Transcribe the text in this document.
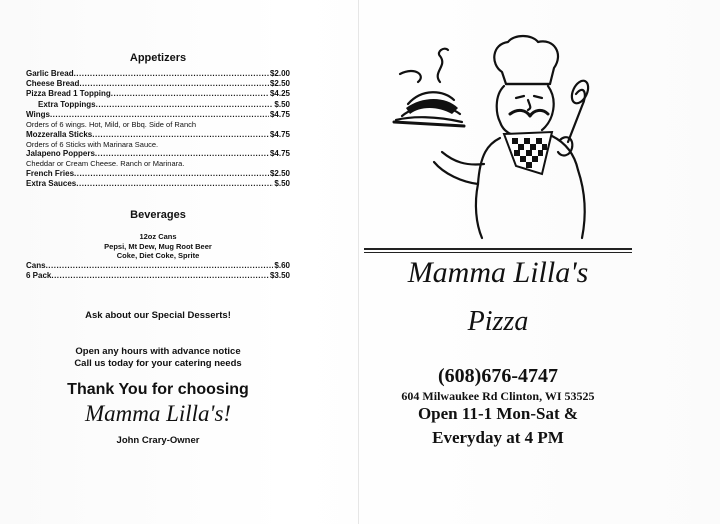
Appetizers
Garlic Bread .....	$2.00
Cheese Bread .....	$2.50
Pizza Bread 1 Topping .....	$4.25
Extra Toppings .....	$.50
Wings .....	$4.75
Orders of 6 wings. Hot, Mild, or Bbq. Side of Ranch
Mozzeralla Sticks .....	$4.75
Orders of 6 Sticks with Marinara Sauce.
Jalapeno Poppers .....	$4.75
Cheddar or Cream Cheese. Ranch or Marinara.
French Fries .....	$2.50
Extra Sauces .....	$.50
Beverages
12oz Cans
Pepsi, Mt Dew, Mug Root Beer
Coke, Diet Coke, Sprite
Cans .....	$.60
6 Pack .....	$3.50
Ask about our Special Desserts!
Open any hours with advance notice
Call us today for your catering needs
Thank You for choosing
Mamma Lilla's!
John Crary-Owner
Mamma Lilla's
Pizza
(608)676-4747
604 Milwaukee Rd Clinton, WI 53525
Open 11-1 Mon-Sat &
Everyday at 4 PM
